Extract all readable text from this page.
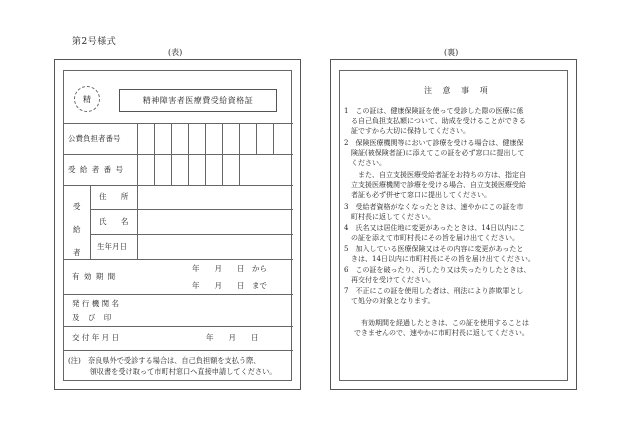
第2号様式
(表)	(裏)
精	精神障害者医療費受給資格証
公費負担者番号
受 給 者 番 号
受 給 者
住 所
氏 名
生年月日
有 効 期 間
年　　月　　日　から
年　　月　　日　まで
発 行 機 関 名
及 び 印
交 付 年 月 日	年　　月　　日
(注)　奈良県外で受診する場合は、自己負担額を支払う際、
　　　領収書を受け取って市町村窓口へ直接申請してください。
注 意 事 項
1　この証は、健康保険証を使って受診した際の医療に係
　る自己負担支払額について、助成を受けることができる
　証ですから大切に保持してください。
2　保険医療機関等において診療を受ける場合は、健康保
　険証(被保険者証)に添えてこの証を必ず窓口に提出して
　ください。
　　また、自立支援医療受給者証をお持ちの方は、指定自
　立支援医療機関で診療を受ける場合、自立支援医療受給
　者証も必ず併せて窓口に提出してください。
3　受給者資格がなくなったときは、速やかにこの証を市
　町村長に返してください。
4　氏名又は居住地に変更があったときは、14日以内にこ
　の証を添えて市町村長にその旨を届け出てください。
5　加入している医療保険又はその内容に変更があったと
　きは、14日以内に市町村長にその旨を届け出てください。
6　この証を破ったり、汚したり又は失ったりしたときは、
　再交付を受けてください。
7　不正にこの証を使用した者は、刑法により詐欺罪とし
　て処分の対象となります。
　有効期間を経過したときは、この証を使用することは
できませんので、速やかに市町村長に返してください。
